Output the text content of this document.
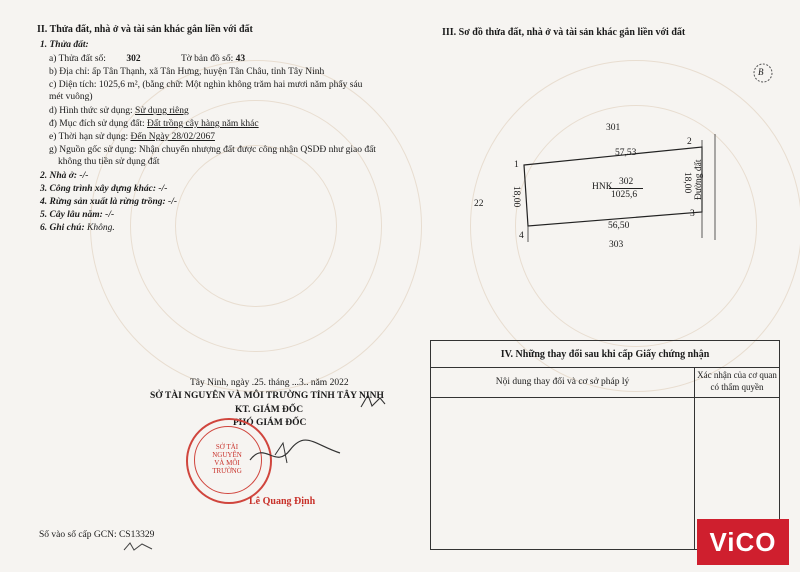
II. Thửa đất, nhà ở và tài sản khác gắn liền với đất
1. Thửa đất:
a) Thửa đất số: 302	Tờ bản đồ số: 43
b) Địa chỉ: ấp Tân Thạnh, xã Tân Hưng, huyện Tân Châu, tỉnh Tây Ninh
c) Diện tích: 1025,6 m², (bằng chữ: Một nghìn không trăm hai mươi năm phẩy sáu
mét vuông)
d) Hình thức sử dụng: Sử dụng riêng
đ) Mục đích sử dụng đất: Đất trồng cây hàng năm khác
e) Thời hạn sử dụng: Đến Ngày 28/02/2067
g) Nguồn gốc sử dụng: Nhận chuyển nhượng đất được công nhận QSDĐ như giao đất
không thu tiền sử dụng đất
2. Nhà ở: -/-
3. Công trình xây dựng khác: -/-
4. Rừng sản xuất là rừng trồng: -/-
5. Cây lâu năm: -/-
6. Ghi chú: Không.
Tây Ninh, ngày .25. tháng ...3.. năm 2022
SỞ TÀI NGUYÊN VÀ MÔI TRƯỜNG TỈNH TÂY NINH
KT. GIÁM ĐỐC
PHÓ GIÁM ĐỐC
SỞ TÀI NGUYÊN VÀ MÔI TRƯỜNG
Lê Quang Định
Số vào sổ cấp GCN: CS13329
III. Sơ đồ thửa đất, nhà ở và tài sản khác gắn liền với đất
B
301
303
22
57,53
56,50
18,00
18,00 Đường đất
HNK 302
1025,6
1
2
3
4
IV. Những thay đổi sau khi cấp Giấy chứng nhận
Nội dung thay đổi và cơ sở pháp lý
Xác nhận của cơ quan
có thẩm quyền
ViCO
